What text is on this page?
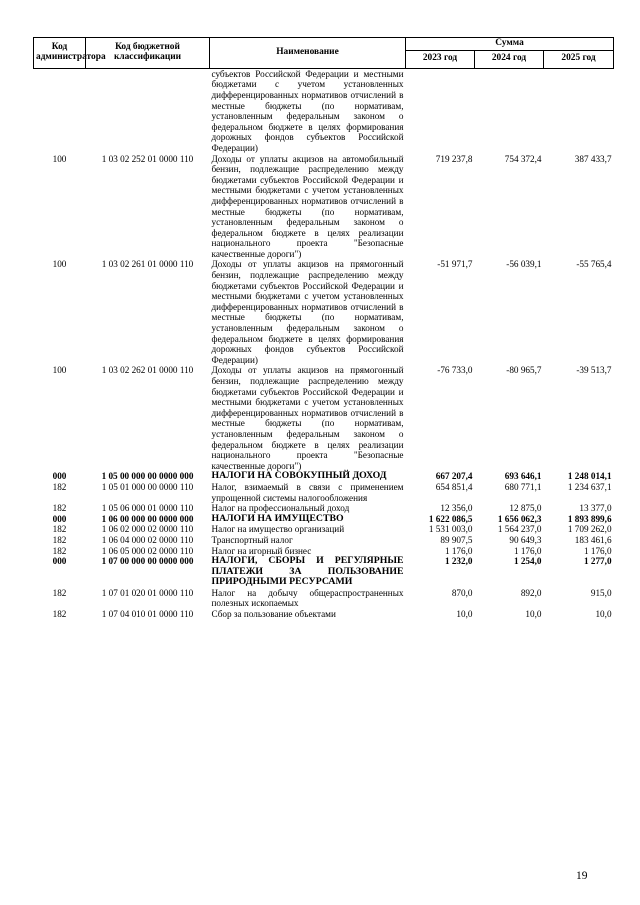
Код администратора	Код бюджетной классификации	Наименование	Сумма		
			2023 год	2024 год	2025 год
		субъектов Российской Федерации и местными бюджетами с учетом установленных дифференцированных нормативов отчислений в местные бюджеты (по нормативам, установленным федеральным законом о федеральном бюджете в целях формирования дорожных фондов субъектов Российской Федерации)			
100	1 03 02 252 01 0000 110	Доходы от уплаты акцизов на автомобильный бензин, подлежащие распределению между бюджетами субъектов Российской Федерации и местными бюджетами с учетом установленных дифференцированных нормативов отчислений в местные бюджеты (по нормативам, установленным федеральным законом о федеральном бюджете в целях реализации национального проекта "Безопасные качественные дороги")	719 237,8	754 372,4	387 433,7
100	1 03 02 261 01 0000 110	Доходы от уплаты акцизов на прямогонный бензин, подлежащие распределению между бюджетами субъектов Российской Федерации и местными бюджетами с учетом установленных дифференцированных нормативов отчислений в местные бюджеты (по нормативам, установленным федеральным законом о федеральном бюджете в целях формирования дорожных фондов субъектов Российской Федерации)	-51 971,7	-56 039,1	-55 765,4
100	1 03 02 262 01 0000 110	Доходы от уплаты акцизов на прямогонный бензин, подлежащие распределению между бюджетами субъектов Российской Федерации и местными бюджетами с учетом установленных дифференцированных нормативов отчислений в местные бюджеты (по нормативам, установленным федеральным законом о федеральном бюджете в целях реализации национального проекта "Безопасные качественные дороги")	-76 733,0	-80 965,7	-39 513,7
000	1 05 00 000 00 0000 000	НАЛОГИ НА СОВОКУПНЫЙ ДОХОД	667 207,4	693 646,1	1 248 014,1
182	1 05 01 000 00 0000 110	Налог, взимаемый в связи с применением упрощенной системы налогообложения	654 851,4	680 771,1	1 234 637,1
182	1 05 06 000 01 0000 110	Налог на профессиональный доход	12 356,0	12 875,0	13 377,0
000	1 06 00 000 00 0000 000	НАЛОГИ НА ИМУЩЕСТВО	1 622 086,5	1 656 062,3	1 893 899,6
182	1 06 02 000 02 0000 110	Налог на имущество организаций	1 531 003,0	1 564 237,0	1 709 262,0
182	1 06 04 000 02 0000 110	Транспортный налог	89 907,5	90 649,3	183 461,6
182	1 06 05 000 02 0000 110	Налог на игорный бизнес	1 176,0	1 176,0	1 176,0
000	1 07 00 000 00 0000 000	НАЛОГИ, СБОРЫ И РЕГУЛЯРНЫЕ ПЛАТЕЖИ ЗА ПОЛЬЗОВАНИЕ ПРИРОДНЫМИ РЕСУРСАМИ	1 232,0	1 254,0	1 277,0
182	1 07 01 020 01 0000 110	Налог на добычу общераспространенных полезных ископаемых	870,0	892,0	915,0
182	1 07 04 010 01 0000 110	Сбор за пользование объектами	10,0	10,0	10,0
19
